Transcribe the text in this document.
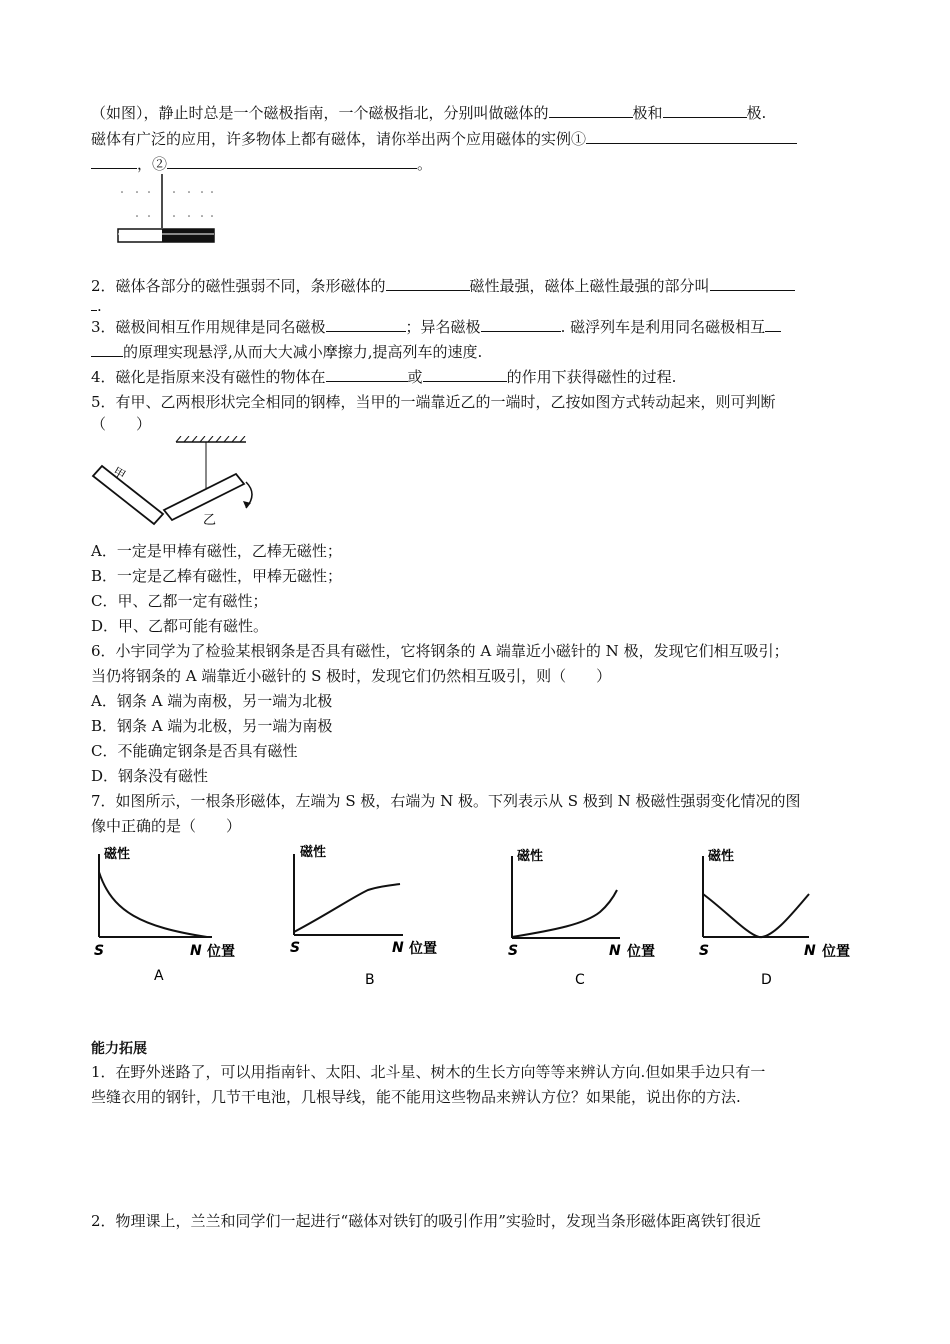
（如图），静止时总是一个磁极指南，一个磁极指北，分别叫做磁体的	极和	极.
磁体有广泛的应用，许多物体上都有磁体，请你举出两个应用磁体的实例①
，②	。
2．磁体各部分的磁性强弱不同，条形磁体的	磁性最强，磁体上磁性最强的部分叫
.
3．磁极间相互作用规律是同名磁极	；异名磁极	. 磁浮列车是利用同名磁极相互
的原理实现悬浮,从而大大减小摩擦力,提高列车的速度.
4．磁化是指原来没有磁性的物体在	或	的作用下获得磁性的过程.
5．有甲、乙两根形状完全相同的钢棒，当甲的一端靠近乙的一端时，乙按如图方式转动起来，则可判断
（　　）
甲
乙
A．一定是甲棒有磁性，乙棒无磁性；
B．一定是乙棒有磁性，甲棒无磁性；
C．甲、乙都一定有磁性；
D．甲、乙都可能有磁性。
6．小宇同学为了检验某根钢条是否具有磁性，它将钢条的 A 端靠近小磁针的 N 极，发现它们相互吸引；
当仍将钢条的 A 端靠近小磁针的 S 极时，发现它们仍然相互吸引，则（　　）
A．钢条 A 端为南极，另一端为北极
B．钢条 A 端为北极，另一端为南极
C．不能确定钢条是否具有磁性
D．钢条没有磁性
7．如图所示，一根条形磁体，左端为 S 极，右端为 N 极。下列表示从 S 极到 N 极磁性强弱变化情况的图
像中正确的是（　　）
磁性
S	N 位置
A
磁性
S	N 位置
B
磁性
S	N 位置
C
磁性
S	N 位置
D
能力拓展
1．在野外迷路了，可以用指南针、太阳、北斗星、树木的生长方向等等来辨认方向.但如果手边只有一
些缝衣用的钢针，几节干电池，几根导线，能不能用这些物品来辨认方位？如果能，说出你的方法.
2．物理课上，兰兰和同学们一起进行“磁体对铁钉的吸引作用”实验时，发现当条形磁体距离铁钉很近
